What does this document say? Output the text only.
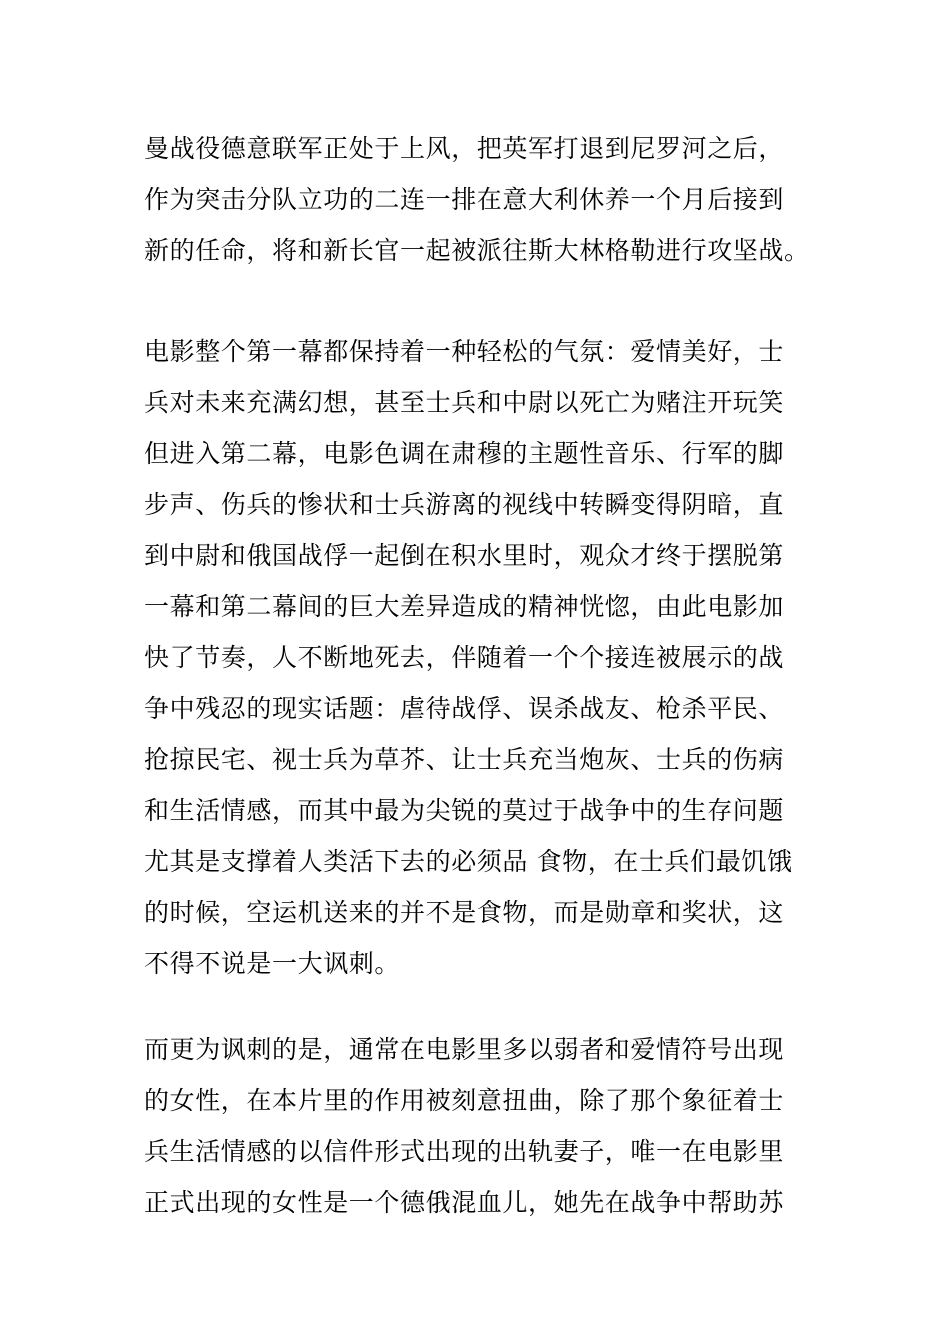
曼战役德意联军正处于上风，把英军打退到尼罗河之后，
作为突击分队立功的二连一排在意大利休养一个月后接到
新的任命，将和新长官一起被派往斯大林格勒进行攻坚战。
电影整个第一幕都保持着一种轻松的气氛：爱情美好，士
兵对未来充满幻想，甚至士兵和中尉以死亡为赌注开玩笑
但进入第二幕，电影色调在肃穆的主题性音乐、行军的脚
步声、伤兵的惨状和士兵游离的视线中转瞬变得阴暗，直
到中尉和俄国战俘一起倒在积水里时，观众才终于摆脱第
一幕和第二幕间的巨大差异造成的精神恍惚，由此电影加
快了节奏，人不断地死去，伴随着一个个接连被展示的战
争中残忍的现实话题：虐待战俘、误杀战友、枪杀平民、
抢掠民宅、视士兵为草芥、让士兵充当炮灰、士兵的伤病
和生活情感，而其中最为尖锐的莫过于战争中的生存问题
尤其是支撑着人类活下去的必须品 食物，在士兵们最饥饿
的时候，空运机送来的并不是食物，而是勋章和奖状，这
不得不说是一大讽刺。
而更为讽刺的是，通常在电影里多以弱者和爱情符号出现
的女性，在本片里的作用被刻意扭曲，除了那个象征着士
兵生活情感的以信件形式出现的出轨妻子，唯一在电影里
正式出现的女性是一个德俄混血儿，她先在战争中帮助苏
